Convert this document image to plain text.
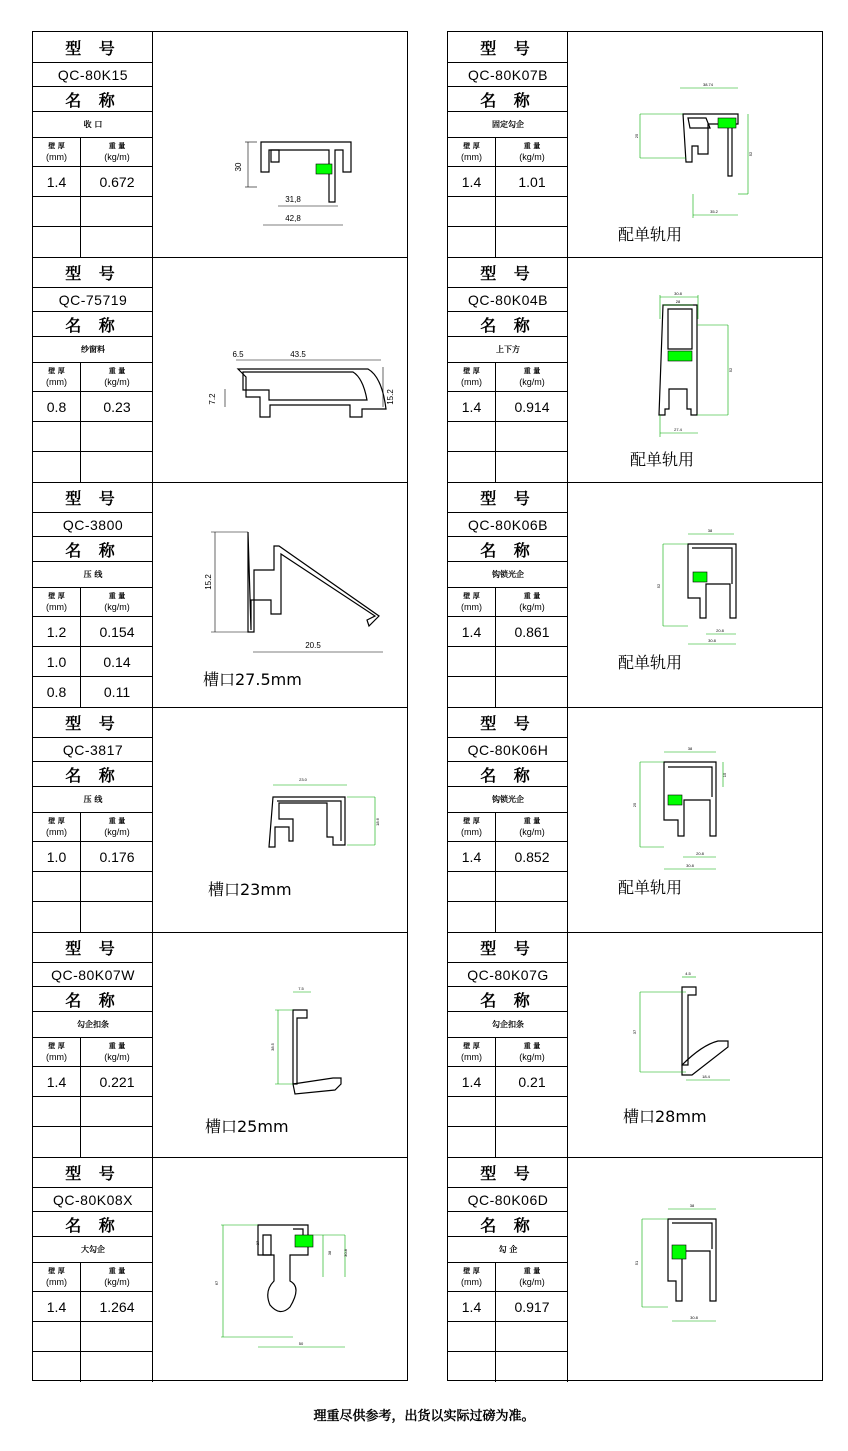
型 号
QC-80K15
名 称
收 口
壁 厚
(mm)
重 量
(kg/m)
1.4	0.672
30
31,8
42,8
型 号
QC-75719
名 称
纱窗料
壁 厚
(mm)
重 量
(kg/m)
0.8	0.23
6.5	43.5
7.2	15.2
型 号
QC-3800
名 称
压 线
壁 厚
(mm)
重 量
(kg/m)
1.2	0.154
1.0	0.14
0.8	0.11
15.2
20.5
槽口27.5mm
型 号
QC-3817
名 称
压 线
壁 厚
(mm)
重 量
(kg/m)
1.0	0.176
23.0
18.6
槽口23mm
型 号
QC-80K07W
名 称
勾企扣条
壁 厚
(mm)
重 量
(kg/m)
1.4	0.221
7.5
38.5
槽口25mm
型 号
QC-80K08X
名 称
大勾企
壁 厚
(mm)
重 量
(kg/m)
1.4	1.264
67
37
38	30.8
50
型 号
QC-80K07B
名 称
固定勾企
壁 厚
(mm)
重 量
(kg/m)
1.4	1.01
38.74
25
52
35.2
配单轨用
型 号
QC-80K04B
名 称
上下方
壁 厚
(mm)
重 量
(kg/m)
1.4	0.914
30.8
28
52
27.4
配单轨用
型 号
QC-80K06B
名 称
钩锁光企
壁 厚
(mm)
重 量
(kg/m)
1.4	0.861
38
52
20.8
30.8
配单轨用
型 号
QC-80K06H
名 称
钩锁光企
壁 厚
(mm)
重 量
(kg/m)
1.4	0.852
38
15
25
20.8
30.8
配单轨用
型 号
QC-80K07G
名 称
勾企扣条
壁 厚
(mm)
重 量
(kg/m)
1.4	0.21
4.5
37
18.4
槽口28mm
型 号
QC-80K06D
名 称
勾 企
壁 厚
(mm)
重 量
(kg/m)
1.4	0.917
38
51
30.8
理重尽供参考，出货以实际过磅为准。
